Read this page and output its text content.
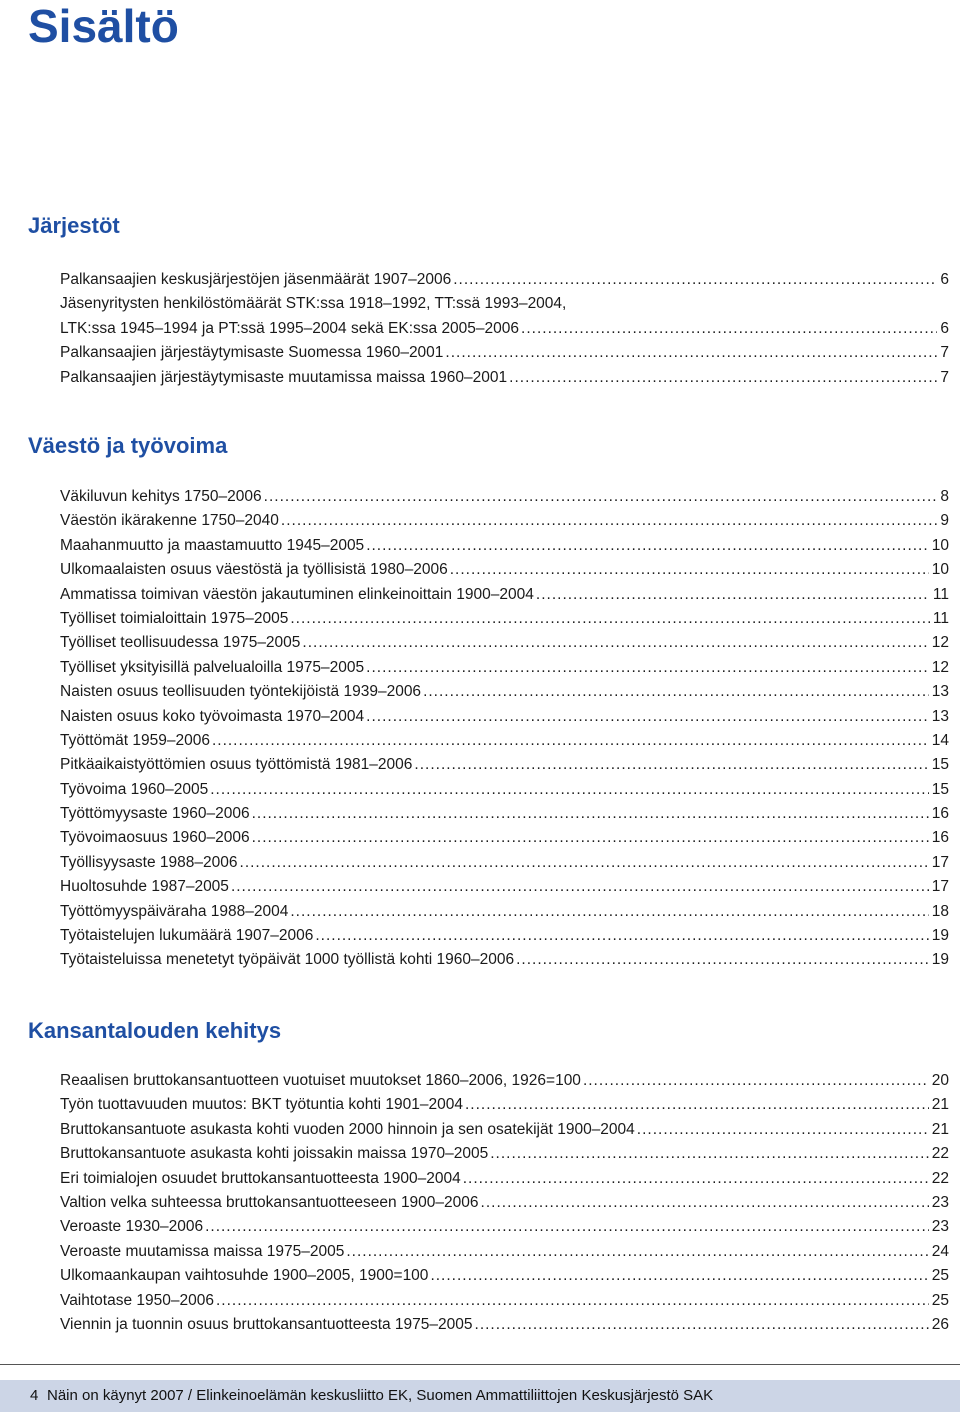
Sisältö
Järjestöt
Palkansaajien keskusjärjestöjen jäsenmäärät 1907–2006 .....	6
Jäsenyritysten henkilöstömäärät STK:ssa 1918–1992, TT:ssä 1993–2004,
LTK:ssa 1945–1994 ja PT:ssä 1995–2004 sekä EK:ssa 2005–2006 .....	6
Palkansaajien järjestäytymisaste Suomessa 1960–2001 .....	7
Palkansaajien järjestäytymisaste muutamissa maissa 1960–2001 .....	7
Väestö ja työvoima
Väkiluvun kehitys 1750–2006 .....	8
Väestön ikärakenne 1750–2040 .....	9
Maahanmuutto ja maastamuutto 1945–2005 .....	10
Ulkomaalaisten osuus väestöstä ja työllisistä 1980–2006 .....	10
Ammatissa toimivan väestön jakautuminen elinkeinoittain 1900–2004 .....	11
Työlliset toimialoittain 1975–2005 .....	11
Työlliset teollisuudessa 1975–2005 .....	12
Työlliset yksityisillä palvelualoilla 1975–2005 .....	12
Naisten osuus teollisuuden työntekijöistä 1939–2006 .....	13
Naisten osuus koko työvoimasta 1970–2004 .....	13
Työttömät 1959–2006 .....	14
Pitkäaikaistyöttömien osuus työttömistä 1981–2006 .....	15
Työvoima 1960–2005 .....	15
Työttömyysaste 1960–2006 .....	16
Työvoimaosuus 1960–2006 .....	16
Työllisyysaste 1988–2006 .....	17
Huoltosuhde 1987–2005 .....	17
Työttömyyspäiväraha 1988–2004 .....	18
Työtaistelujen lukumäärä 1907–2006 .....	19
Työtaisteluissa menetetyt työpäivät 1000 työllistä kohti 1960–2006 .....	19
Kansantalouden kehitys
Reaalisen bruttokansantuotteen vuotuiset muutokset 1860–2006, 1926=100 .....	20
Työn tuottavuuden muutos: BKT työtuntia kohti 1901–2004 .....	21
Bruttokansantuote asukasta kohti vuoden 2000 hinnoin ja sen osatekijät 1900–2004 .....	21
Bruttokansantuote asukasta kohti joissakin maissa 1970–2005 .....	22
Eri toimialojen osuudet bruttokansantuotteesta 1900–2004 .....	22
Valtion velka suhteessa bruttokansantuotteeseen 1900–2006 .....	23
Veroaste 1930–2006 .....	23
Veroaste muutamissa maissa 1975–2005 .....	24
Ulkomaankaupan vaihtosuhde 1900–2005, 1900=100 .....	25
Vaihtotase 1950–2006 .....	25
Viennin ja tuonnin osuus bruttokansantuotteesta 1975–2005 .....	26
4 Näin on käynyt 2007 / Elinkeinoelämän keskusliitto EK, Suomen Ammattiliittojen Keskusjärjestö SAK
